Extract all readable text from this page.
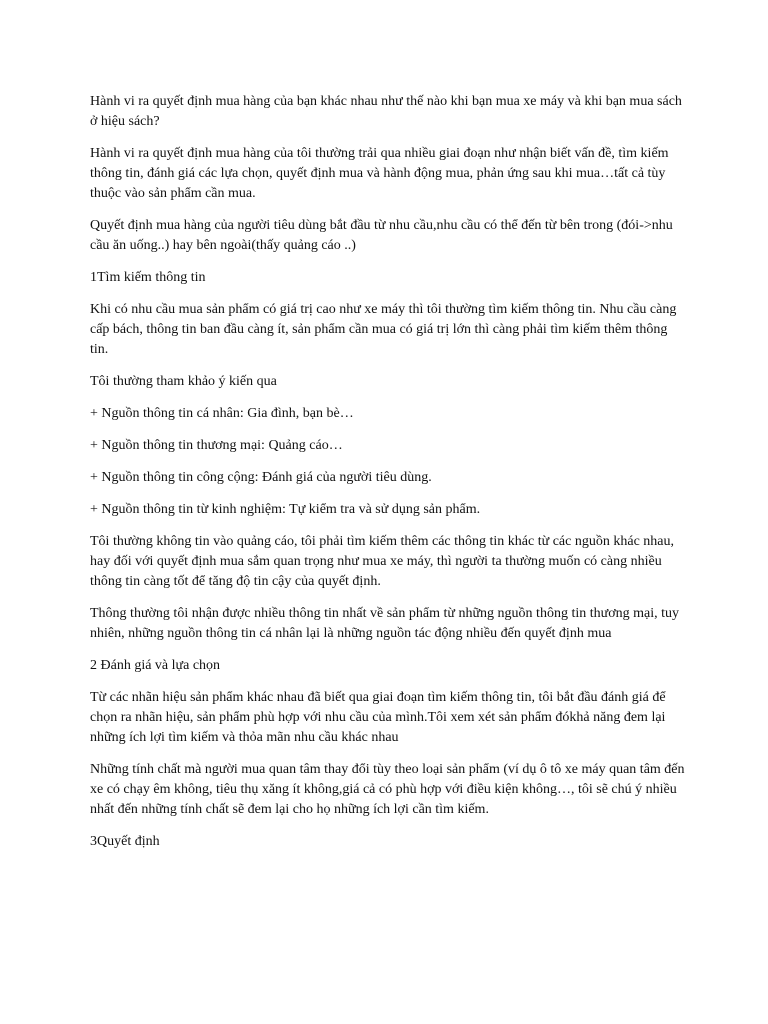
Hành vi ra quyết định mua hàng của bạn khác nhau như thế nào khi bạn mua xe máy và khi bạn mua sách ở hiệu sách?

Hành vi ra quyết định mua hàng của tôi thường trải qua nhiều giai đoạn như nhận biết vấn đề, tìm kiếm thông tin, đánh giá các lựa chọn, quyết định mua và hành động mua, phản ứng sau khi mua…tất cả tùy thuộc vào sản phẩm cần mua.

Quyết định mua hàng của người tiêu dùng bắt đầu từ nhu cầu,nhu cầu có thể đến từ bên trong (đói->nhu cầu ăn uống..) hay bên ngoài(thấy quảng cáo ..)

1Tìm kiếm thông tin

Khi có nhu cầu mua sản phẩm có giá trị cao như xe máy thì tôi thường tìm kiếm thông tin. Nhu cầu càng cấp bách, thông tin ban đầu càng ít, sản phẩm cần mua có giá trị lớn thì càng phải tìm kiếm thêm thông tin.

Tôi thường tham khảo ý kiến qua

+ Nguồn thông tin cá nhân: Gia đình, bạn bè…

+ Nguồn thông tin thương mại: Quảng cáo…

+ Nguồn thông tin công cộng: Đánh giá của người tiêu dùng.

+ Nguồn thông tin từ kinh nghiệm: Tự kiểm tra và sử dụng sản phẩm.

Tôi thường không tin vào quảng cáo, tôi phải tìm kiếm thêm các thông tin khác từ các nguồn khác nhau, hay đối với quyết định mua sắm quan trọng như mua xe máy, thì người ta thường muốn có càng nhiều thông tin càng tốt để tăng độ tin cậy của quyết định.

Thông thường tôi nhận được nhiều thông tin nhất về sản phẩm từ những nguồn thông tin thương mại, tuy nhiên, những nguồn thông tin cá nhân lại là những nguồn tác động nhiều đến quyết định mua

2 Đánh giá và lựa chọn

Từ các nhãn hiệu sản phẩm khác nhau đã biết qua giai đoạn tìm kiếm thông tin, tôi bắt đầu đánh giá để chọn ra nhãn hiệu, sản phẩm phù hợp với nhu cầu của mình.Tôi xem xét sản phẩm đókhả năng đem lại những ích lợi tìm kiếm và thỏa mãn nhu cầu khác nhau

Những tính chất mà người mua quan tâm thay đổi tùy theo loại sản phẩm (ví dụ ô tô xe máy quan tâm đến xe có chạy êm không, tiêu thụ xăng ít không,giá cả có phù hợp với điều kiện không…, tôi sẽ chú ý nhiều nhất đến những tính chất sẽ đem lại cho họ những ích lợi cần tìm kiếm.

3Quyết định
